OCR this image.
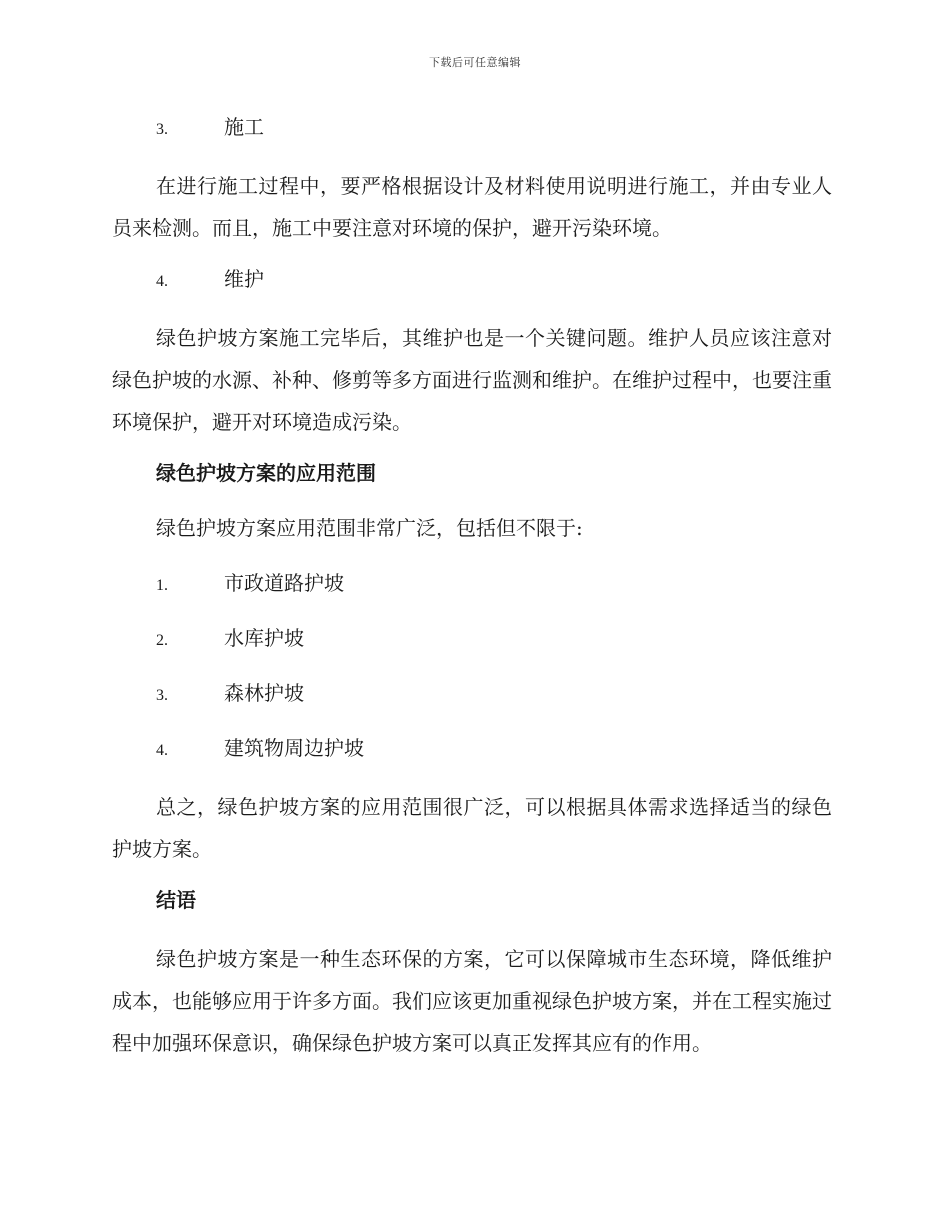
下载后可任意编辑
3.	施工

在进行施工过程中，要严格根据设计及材料使用说明进行施工，并由专业人员来检测。而且，施工中要注意对环境的保护，避开污染环境。

4.	维护

绿色护坡方案施工完毕后，其维护也是一个关键问题。维护人员应该注意对绿色护坡的水源、补种、修剪等多方面进行监测和维护。在维护过程中，也要注重环境保护，避开对环境造成污染。

绿色护坡方案的应用范围

绿色护坡方案应用范围非常广泛，包括但不限于:

1.	市政道路护坡
2.	水库护坡
3.	森林护坡
4.	建筑物周边护坡

总之，绿色护坡方案的应用范围很广泛，可以根据具体需求选择适当的绿色护坡方案。

结语

绿色护坡方案是一种生态环保的方案，它可以保障城市生态环境，降低维护成本，也能够应用于许多方面。我们应该更加重视绿色护坡方案，并在工程实施过程中加强环保意识，确保绿色护坡方案可以真正发挥其应有的作用。
